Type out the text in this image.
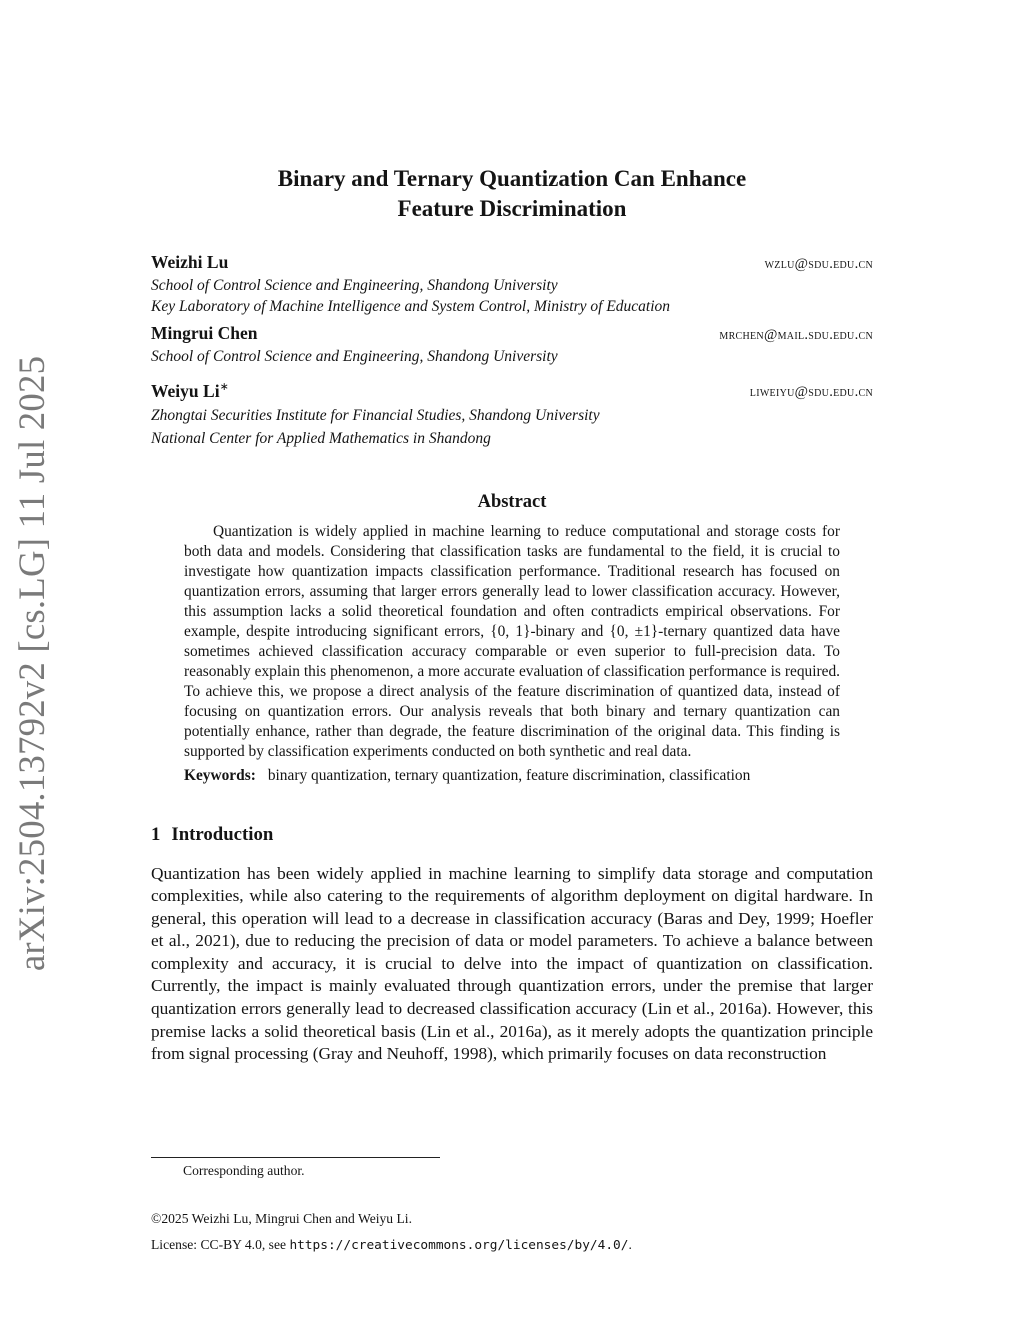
arXiv:2504.13792v2 [cs.LG] 11 Jul 2025
Binary and Ternary Quantization Can Enhance
Feature Discrimination
Weizhi Lu	wzlu@sdu.edu.cn
School of Control Science and Engineering, Shandong University
Key Laboratory of Machine Intelligence and System Control, Ministry of Education
Mingrui Chen	mrchen@mail.sdu.edu.cn
School of Control Science and Engineering, Shandong University
Weiyu Li∗	liweiyu@sdu.edu.cn
Zhongtai Securities Institute for Financial Studies, Shandong University
National Center for Applied Mathematics in Shandong
Abstract

Quantization is widely applied in machine learning to reduce computational and storage costs for both data and models. Considering that classification tasks are fundamental to the field, it is crucial to investigate how quantization impacts classification performance. Traditional research has focused on quantization errors, assuming that larger errors generally lead to lower classification accuracy. However, this assumption lacks a solid theoretical foundation and often contradicts empirical observations. For example, despite introducing significant errors, {0, 1}-binary and {0, ±1}-ternary quantized data have sometimes achieved classification accuracy comparable or even superior to full-precision data. To reasonably explain this phenomenon, a more accurate evaluation of classification performance is required. To achieve this, we propose a direct analysis of the feature discrimination of quantized data, instead of focusing on quantization errors. Our analysis reveals that both binary and ternary quantization can potentially enhance, rather than degrade, the feature discrimination of the original data. This finding is supported by classification experiments conducted on both synthetic and real data.

Keywords: binary quantization, ternary quantization, feature discrimination, classification
1 Introduction

Quantization has been widely applied in machine learning to simplify data storage and computation complexities, while also catering to the requirements of algorithm deployment on digital hardware. In general, this operation will lead to a decrease in classification accuracy (Baras and Dey, 1999; Hoefler et al., 2021), due to reducing the precision of data or model parameters. To achieve a balance between complexity and accuracy, it is crucial to delve into the impact of quantization on classification. Currently, the impact is mainly evaluated through quantization errors, under the premise that larger quantization errors generally lead to decreased classification accuracy (Lin et al., 2016a). However, this premise lacks a solid theoretical basis (Lin et al., 2016a), as it merely adopts the quantization principle from signal processing (Gray and Neuhoff, 1998), which primarily focuses on data reconstruction

Corresponding author.
©2025 Weizhi Lu, Mingrui Chen and Weiyu Li.
License: CC-BY 4.0, see https://creativecommons.org/licenses/by/4.0/.
